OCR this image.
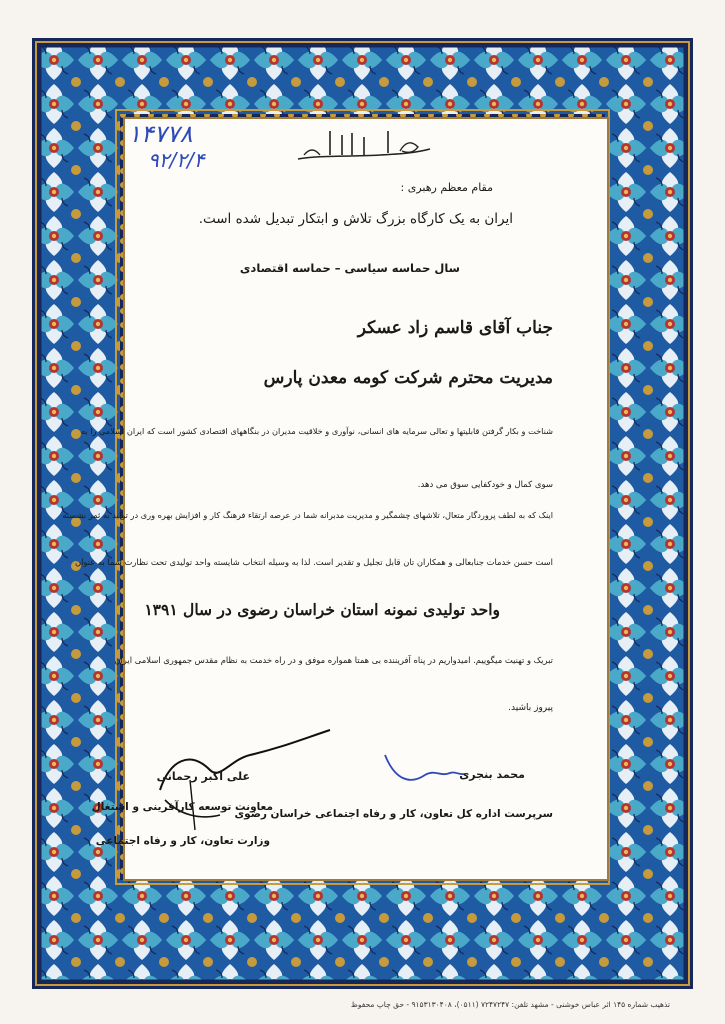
۱۴۷۷۸
۹۲/۲/۴
مقام معظم رهبری :
ایران به یک کارگاه بزرگ تلاش و ابتکار تبدیل شده است.
سال حماسه سیاسی – حماسه اقتصادی
جناب آقای قاسم زاد عسکر
مدیریت محترم شرکت کومه معدن پارس
شناخت و بکار گرفتن قابلیتها و تعالی سرمایه های انسانی، نوآوری و خلاقیت مدیران در بنگاههای اقتصادی کشور است که ایران اسلامی را به
سوی کمال و خودکفایی سوق می دهد.
اینک که به لطف پروردگار متعال، تلاشهای چشمگیر و مدیریت مدبرانه شما در عرصه ارتقاء فرهنگ کار و افزایش بهره وری در تولید به ثمر نشسته
است حسن خدمات جنابعالی و همکاران تان قابل تجلیل و تقدیر است. لذا به وسیله انتخاب شایسته واحد تولیدی تحت نظارت شما به عنوان
واحد تولیدی نمونه استان خراسان رضوی در سال ۱۳۹۱
تبریک و تهنیت میگوییم. امیدواریم در پناه آفریننده بی همتا همواره موفق و در راه خدمت به نظام مقدس جمهوری اسلامی ایران
پیروز باشید.
محمد بنجری
سرپرست اداره کل تعاون، کار و رفاه اجتماعی خراسان رضوی
علی اکبر رحمانی
معاونت توسعه کارآفرینی و اشتغال
وزارت تعاون، کار و رفاه اجتماعی
تذهیب شماره ۱۴۵ اثر عباس خوشنی - مشهد تلفن: ۷۲۴۷۲۴۷ (۰۵۱۱)، ۹۱۵۳۱۳۰۴۰۸ - حق چاپ محفوظ
